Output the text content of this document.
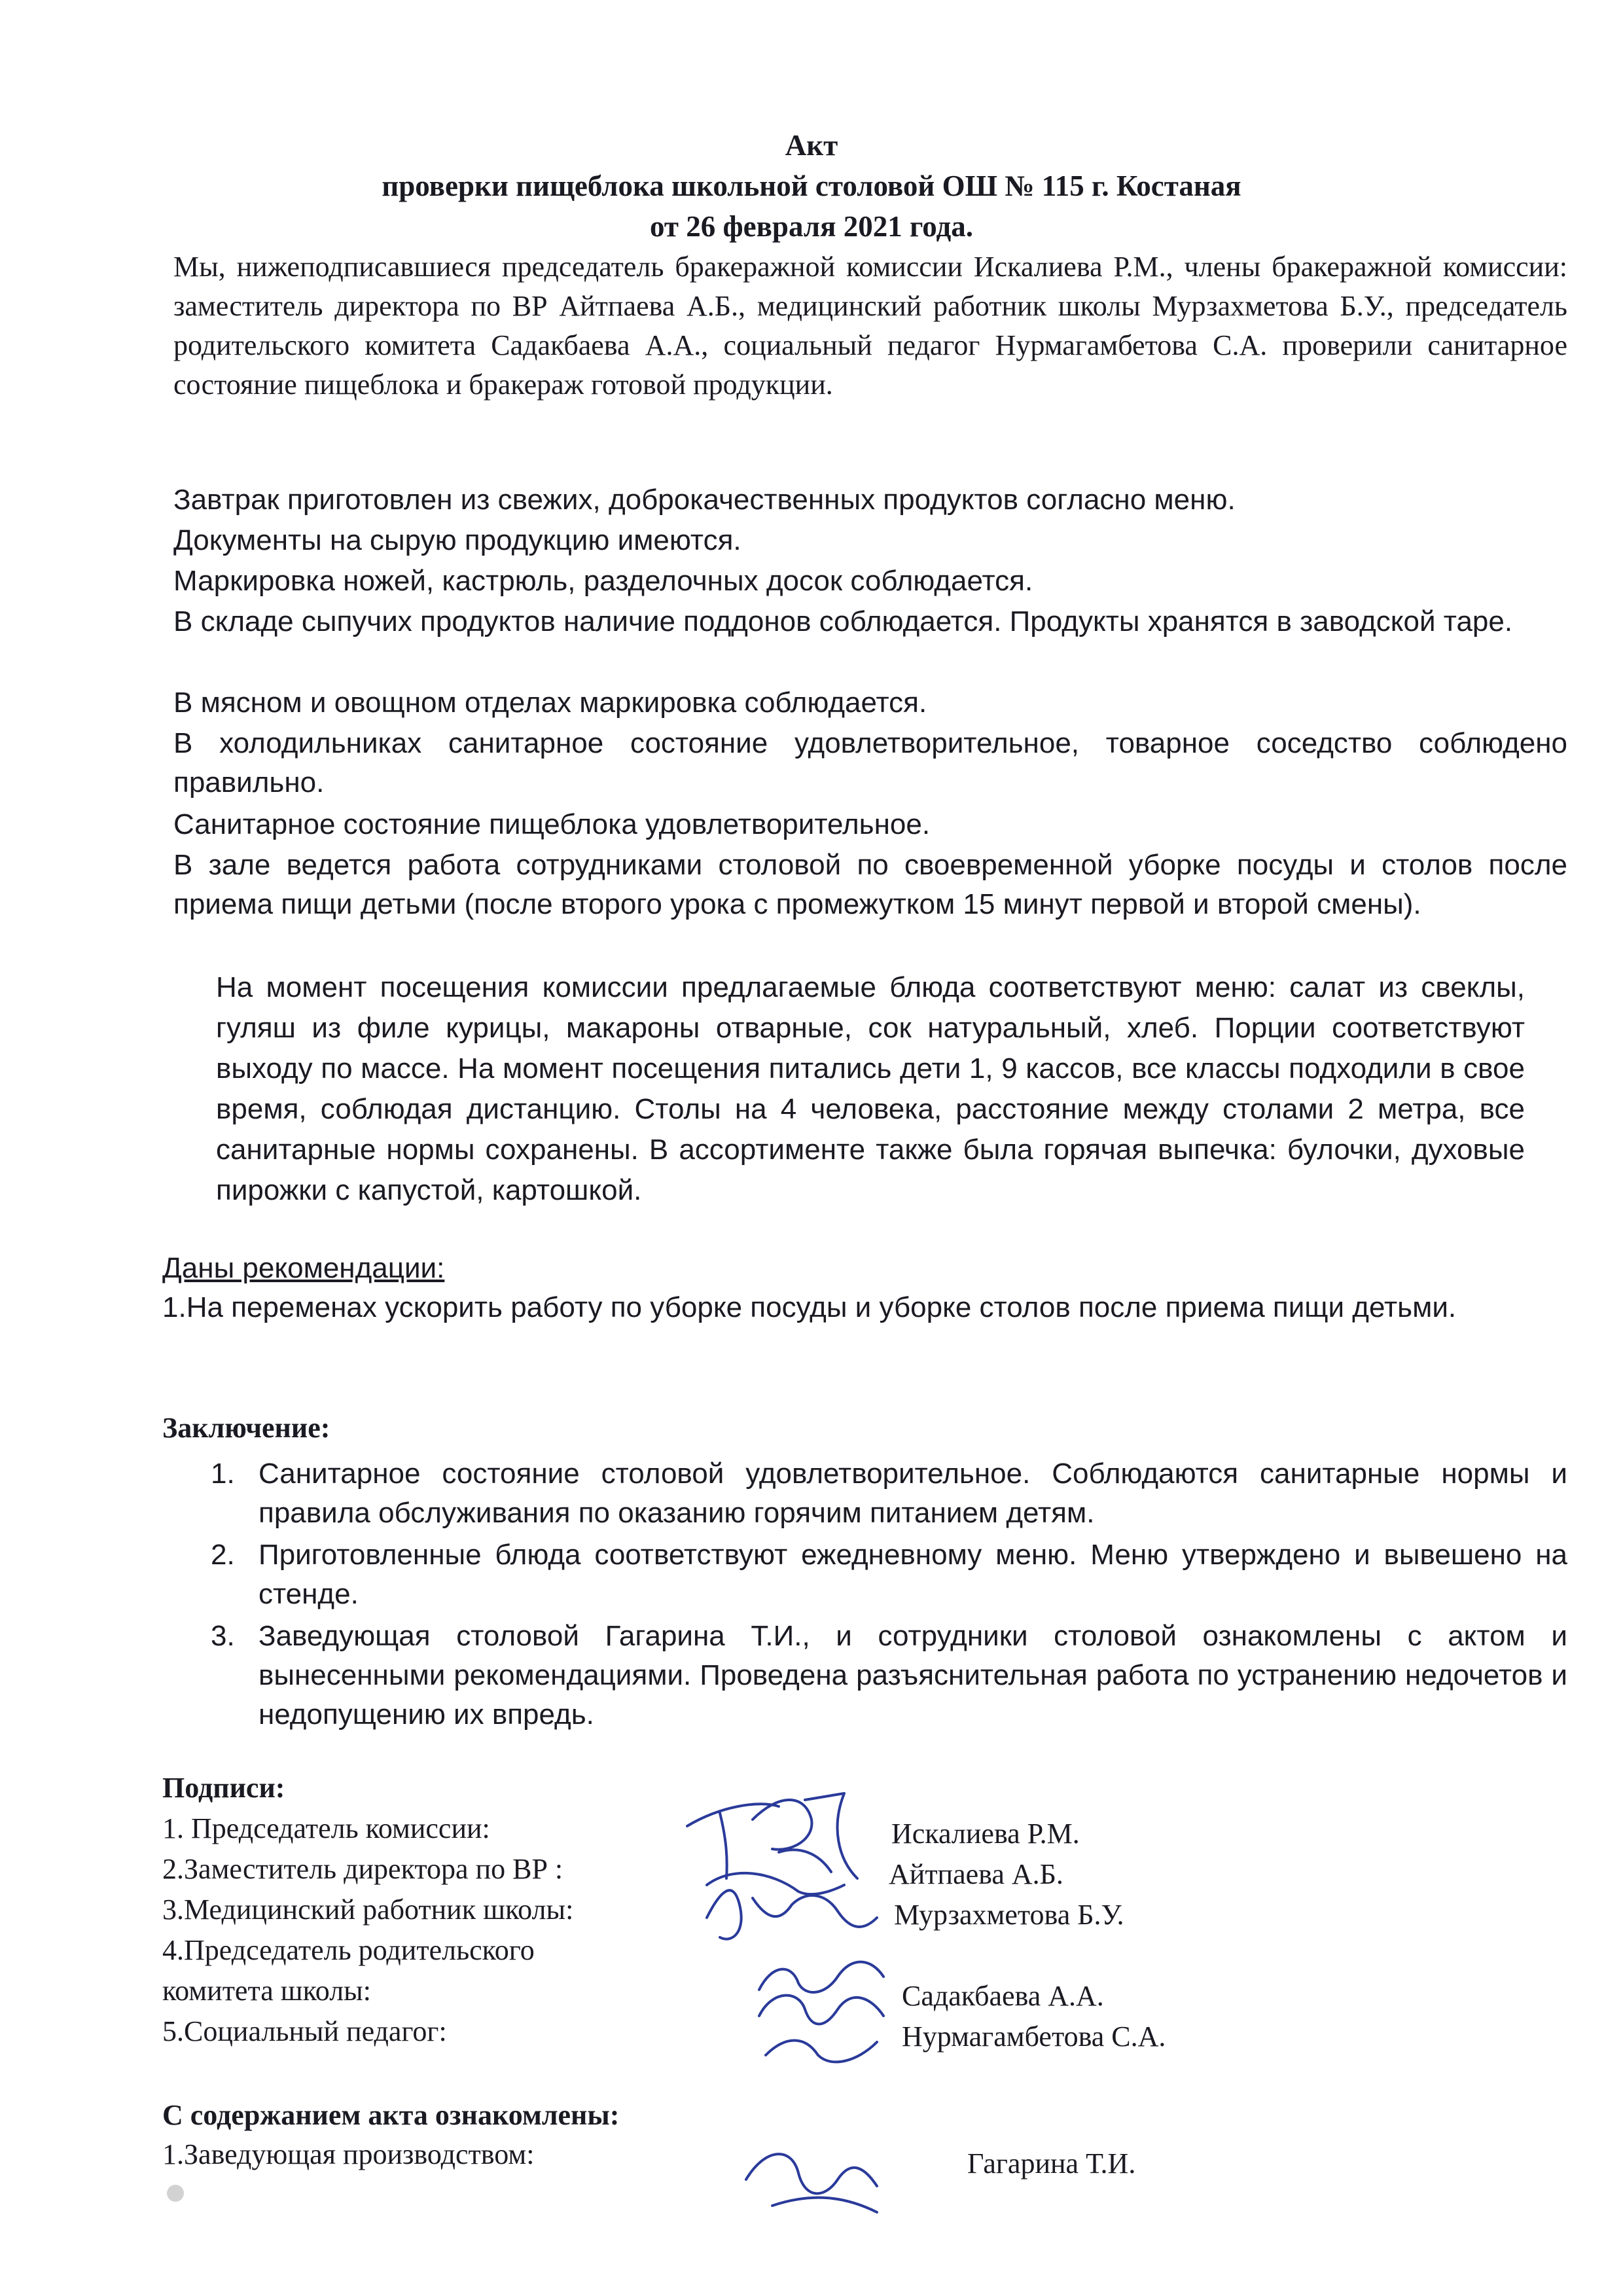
Акт
проверки пищеблока школьной столовой ОШ № 115 г. Костаная
от 26 февраля 2021 года.
Мы, нижеподписавшиеся председатель бракеражной комиссии Искалиева Р.М., члены бракеражной комиссии: заместитель директора по ВР Айтпаева А.Б., медицинский работник школы Мурзахметова Б.У., председатель родительского комитета Садакбаева А.А., социальный педагог Нурмагамбетова С.А. проверили санитарное состояние пищеблока и бракераж готовой продукции.
Завтрак приготовлен из свежих, доброкачественных продуктов согласно меню.
Документы на сырую продукцию имеются.
Маркировка ножей, кастрюль, разделочных досок соблюдается.
В складе сыпучих продуктов наличие поддонов соблюдается. Продукты хранятся в заводской таре.
В мясном и овощном отделах маркировка соблюдается.
В холодильниках санитарное состояние удовлетворительное, товарное соседство соблюдено правильно.
Санитарное состояние пищеблока удовлетворительное.
В зале ведется работа сотрудниками столовой по своевременной уборке посуды и столов после приема пищи детьми (после второго урока с промежутком 15 минут первой и второй смены).
На момент посещения комиссии предлагаемые блюда соответствуют меню: салат из свеклы, гуляш из филе курицы, макароны отварные, сок натуральный, хлеб. Порции соответствуют выходу по массе. На момент посещения питались дети 1, 9 кассов, все классы подходили в свое время, соблюдая дистанцию. Столы на 4 человека, расстояние между столами 2 метра, все санитарные нормы сохранены. В ассортименте также была горячая выпечка: булочки, духовые пирожки с капустой, картошкой.
Даны рекомендации:
1.На переменах ускорить работу по уборке посуды и уборке столов после приема пищи детьми.
Заключение:
1. Санитарное состояние столовой удовлетворительное. Соблюдаются санитарные нормы и правила обслуживания по оказанию горячим питанием детям.
2. Приготовленные блюда соответствуют ежедневному меню. Меню утверждено и вывешено на стенде.
3. Заведующая столовой Гагарина Т.И., и сотрудники столовой ознакомлены с актом и вынесенными рекомендациями. Проведена разъяснительная работа по устранению недочетов и недопущению их впредь.
Подписи:
1. Председатель комиссии:	Искалиева Р.М.
2.Заместитель директора по ВР :	Айтпаева А.Б.
3.Медицинский работник школы:	Мурзахметова Б.У.
4.Председатель родительского
комитета школы:	Садакбаева А.А.
5.Социальный педагог:	Нурмагамбетова С.А.
С содержанием акта ознакомлены:
1.Заведующая производством:	Гагарина Т.И.
